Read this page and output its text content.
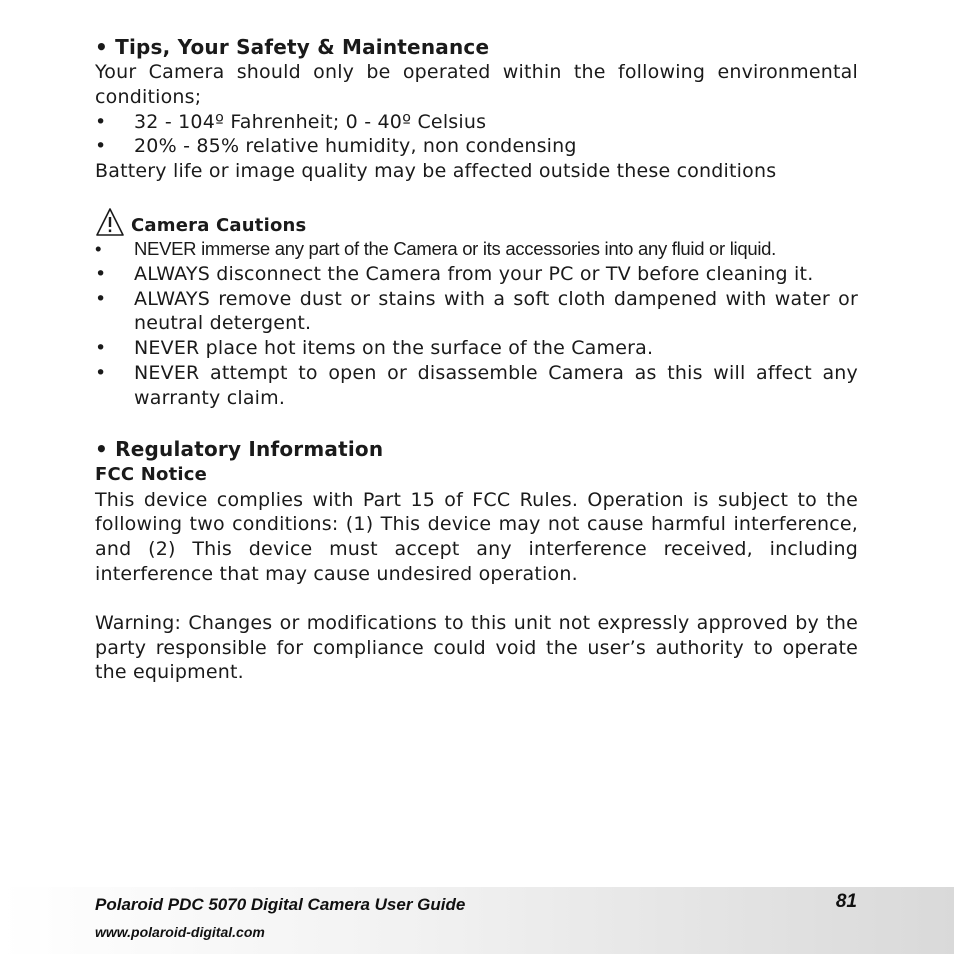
• Tips, Your Safety & Maintenance

Your Camera should only be operated within the following environmental conditions;

• 32 - 104º Fahrenheit; 0 - 40º Celsius
• 20% - 85% relative humidity, non condensing

Battery life or image quality may be affected outside these conditions

Camera Cautions
• NEVER immerse any part of the Camera or its accessories into any fluid or liquid.
• ALWAYS disconnect the Camera from your PC or TV before cleaning it.
• ALWAYS remove dust or stains with a soft cloth dampened with water or neutral detergent.
• NEVER place hot items on the surface of the Camera.
• NEVER attempt to open or disassemble Camera as this will affect any warranty claim.

• Regulatory Information

FCC Notice

This device complies with Part 15 of FCC Rules. Operation is subject to the following two conditions: (1) This device may not cause harmful interference, and (2) This device must accept any interference received, including interference that may cause undesired operation.

Warning: Changes or modifications to this unit not expressly approved by the party responsible for compliance could void the user’s authority to operate the equipment.

Polaroid PDC 5070 Digital Camera User Guide
www.polaroid-digital.com
81
